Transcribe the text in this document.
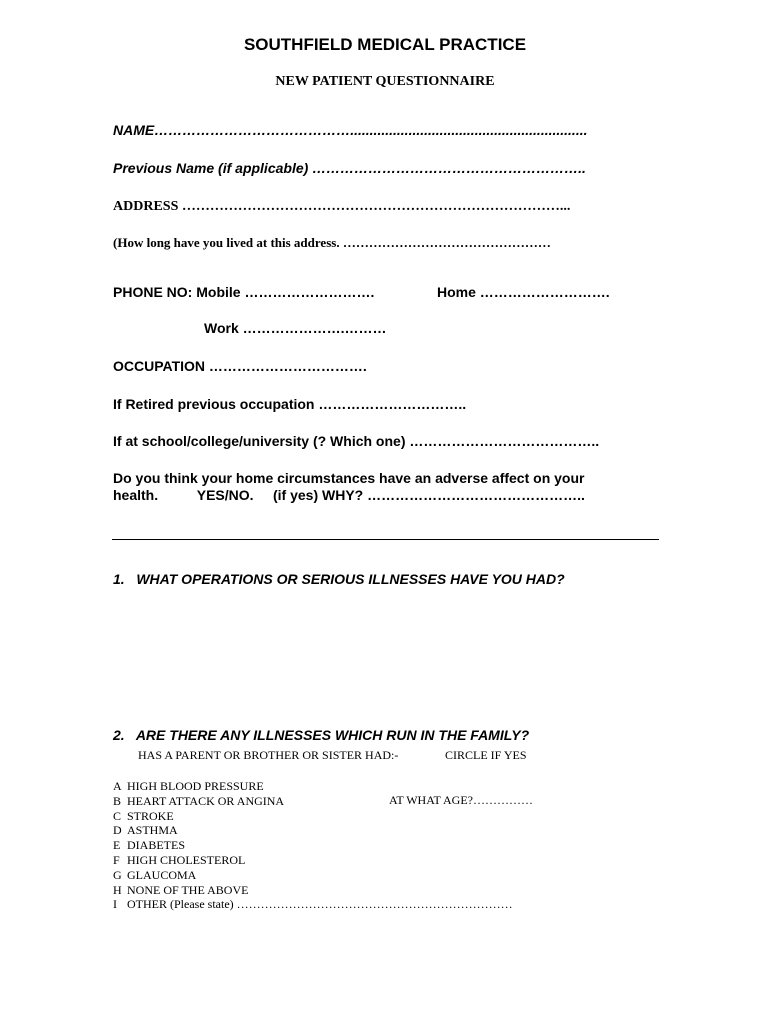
SOUTHFIELD MEDICAL PRACTICE
NEW PATIENT QUESTIONNAIRE
NAME…………………………………….............................................................
Previous Name (if applicable) …………………………………………………..
ADDRESS ………………………………………………………………………...
(How long have you lived at this address. …………………………………………
PHONE NO: Mobile ……………………….	Home ……………………….
Work ………………….………
OCCUPATION …………………………….
If Retired previous occupation …………………………..
If at school/college/university (? Which one) …………………………………..
Do you think your home circumstances have an adverse affect on your
health.          YES/NO.     (if yes) WHY? ………………………………………..
1.   WHAT OPERATIONS OR SERIOUS ILLNESSES HAVE YOU HAD?
2.   ARE THERE ANY ILLNESSES WHICH RUN IN THE FAMILY?
HAS A PARENT OR BROTHER OR SISTER HAD:-	CIRCLE IF YES
AT WHAT AGE?……………
A HIGH BLOOD PRESSURE
B HEART ATTACK OR ANGINA
C STROKE
D ASTHMA
E DIABETES
F HIGH CHOLESTEROL
G GLAUCOMA
H NONE OF THE ABOVE
I OTHER (Please state) ……………………………………………………………
